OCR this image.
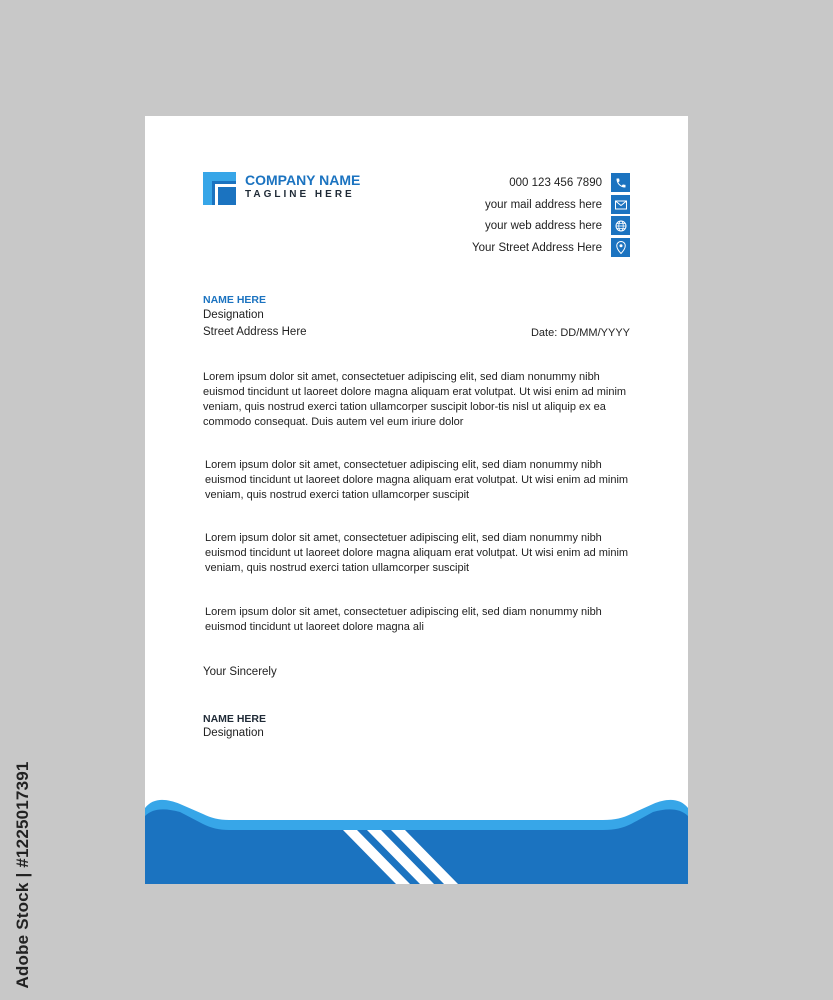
Adobe Stock | #1225017391
COMPANY NAME
TAGLINE HERE
000 123 456 7890
your mail address here
your web address here
Your Street Address Here
NAME HERE
Designation
Street Address Here	Date: DD/MM/YYYY

Lorem ipsum dolor sit amet, consectetuer adipiscing elit, sed diam nonummy nibh euismod tincidunt ut laoreet dolore magna aliquam erat volutpat. Ut wisi enim ad minim veniam, quis nostrud exerci tation ullamcorper suscipit lobor-tis nisl ut aliquip ex ea commodo consequat. Duis autem vel eum iriure dolor

Lorem ipsum dolor sit amet, consectetuer adipiscing elit, sed diam nonummy nibh euismod tincidunt ut laoreet dolore magna aliquam erat volutpat. Ut wisi enim ad minim veniam, quis nostrud exerci tation ullamcorper suscipit

Lorem ipsum dolor sit amet, consectetuer adipiscing elit, sed diam nonummy nibh euismod tincidunt ut laoreet dolore magna aliquam erat volutpat. Ut wisi enim ad minim veniam, quis nostrud exerci tation ullamcorper suscipit

Lorem ipsum dolor sit amet, consectetuer adipiscing elit, sed diam nonummy nibh euismod tincidunt ut laoreet dolore magna ali

Your Sincerely
NAME HERE
Designation
